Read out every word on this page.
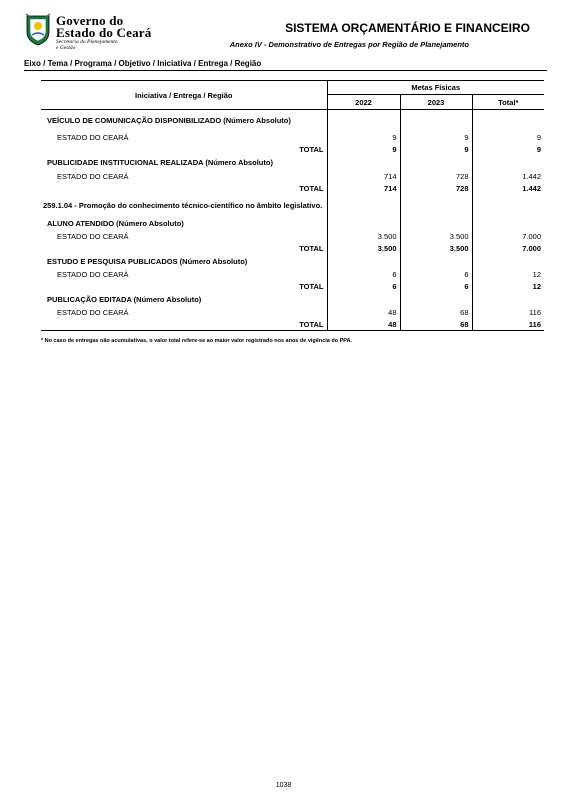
Governo do
Estado do Ceará
Secretaria do Planejamento
e Gestão
SISTEMA ORÇAMENTÁRIO E FINANCEIRO
Anexo IV - Demonstrativo de Entregas por Região de Planejamento
Eixo / Tema / Programa / Objetivo / Iniciativa / Entrega / Região
Iniciativa / Entrega / Região	Metas Físicas		
	2022	2023	Total*
VEÍCULO DE COMUNICAÇÃO DISPONIBILIZADO (Número Absoluto)			
ESTADO DO CEARÁ	9	9	9
TOTAL	9	9	9
PUBLICIDADE INSTITUCIONAL REALIZADA (Número Absoluto)			
ESTADO DO CEARÁ	714	728	1.442
TOTAL	714	728	1.442
259.1.04 - Promoção do conhecimento técnico-científico no âmbito legislativo.			
ALUNO ATENDIDO (Número Absoluto)			
ESTADO DO CEARÁ	3.500	3.500	7.000
TOTAL	3.500	3.500	7.000
ESTUDO E PESQUISA PUBLICADOS (Número Absoluto)			
ESTADO DO CEARÁ	6	6	12
TOTAL	6	6	12
PUBLICAÇÃO EDITADA (Número Absoluto)			
ESTADO DO CEARÁ	48	68	116
TOTAL	48	68	116
* No caso de entregas não acumulativas, o valor total refere-se ao maior valor registrado nos anos de vigência do PPA.
1038
